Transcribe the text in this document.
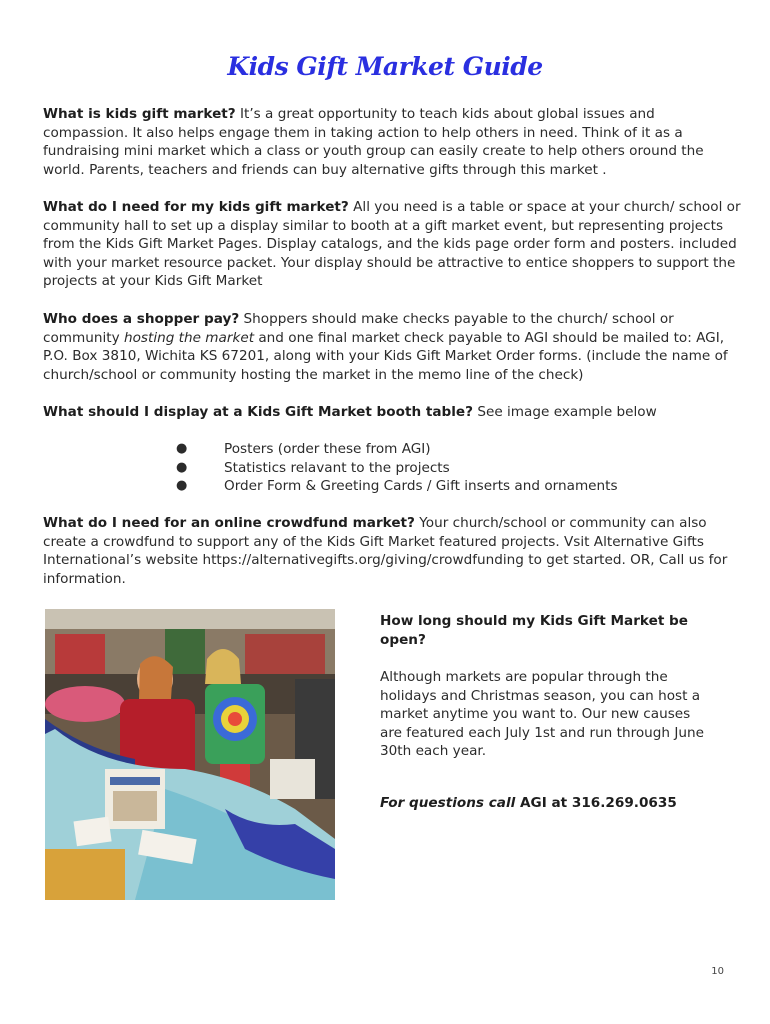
Kids Gift Market Guide
What is kids gift market? It’s a great opportunity to teach kids about global issues and compassion. It also helps engage them in taking action to help others in need. Think of it as a fundraising mini market which a class or youth group can easily create to help others oround the world. Parents, teachers and friends can buy alternative gifts through this market .
What do I need for my kids gift market? All you need is a table or space at your church/ school or community hall to set up a display similar to booth at a gift market event, but representing projects from the Kids Gift Market Pages. Display catalogs, and the kids page order form and posters. included with your market resource packet. Your display should be attractive to entice shoppers to support the projects at your Kids Gift Market
Who does a shopper pay? Shoppers should make checks payable to the church/ school or community hosting the market and one final market check payable to AGI should be mailed to: AGI, P.O. Box 3810, Wichita KS 67201, along with your Kids Gift Market Order forms. (include the name of church/school or community hosting the market in the memo line of the check)
What should I display at a Kids Gift Market booth table? See image example below
●	Posters (order these from AGI)
●	Statistics relavant to the projects
●	Order Form & Greeting Cards / Gift inserts and ornaments
What do I need for an online crowdfund market? Your church/school or community can also create a crowdfund to support any of the Kids Gift Market featured projects. Vsit Alternative Gifts International’s website https://alternativegifts.org/giving/crowdfunding to get started. OR, Call us for information.
How long should my Kids Gift Market be open?
Although markets are popular through the holidays and Christmas season, you can host a market anytime you want to. Our new causes are featured each July 1st and run through June 30th each year.
For questions call AGI at 316.269.0635
10
